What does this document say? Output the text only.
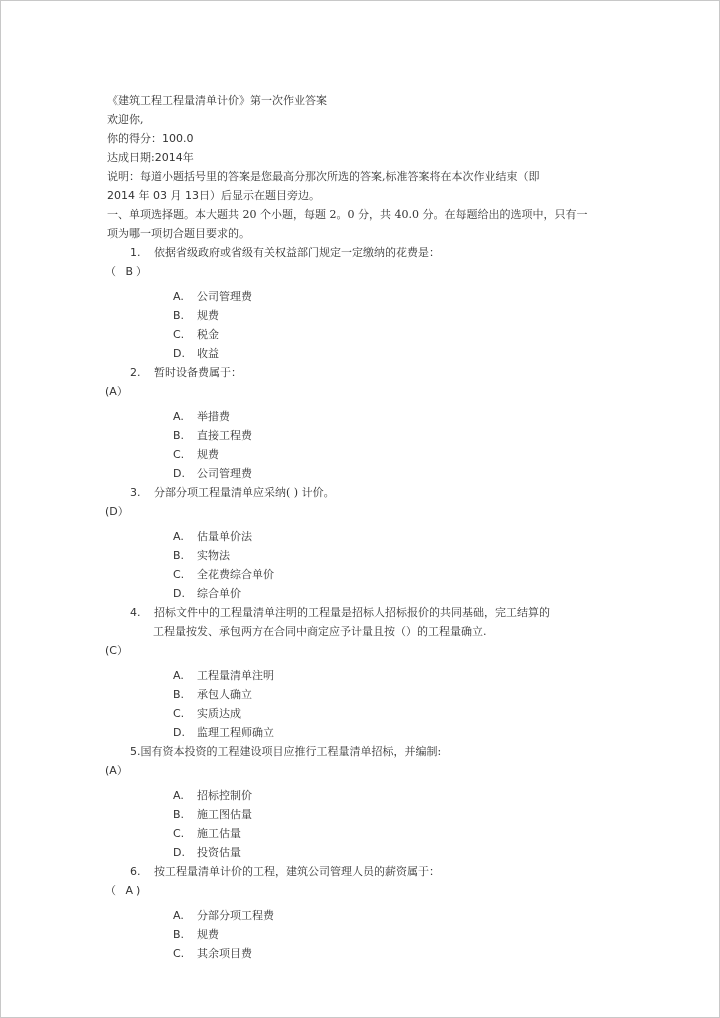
《建筑工程工程量清单计价》第一次作业答案
欢迎你,
你的得分：100.0
达成日期:2014年
说明：每道小题括号里的答案是您最高分那次所选的答案,标准答案将在本次作业结束（即
2014 年 03 月 13日）后显示在题目旁边。
一、单项选择题。本大题共 20 个小题，每题 2。0 分，共 40.0 分。在每题给出的选项中，只有一
项为哪一项切合题目要求的。
1. 依据省级政府或省级有关权益部门规定一定缴纳的花费是：
（ B）
A. 公司管理费
B. 规费
C. 税金
D. 收益
2. 暂时设备费属于：
(A）
A. 举措费
B. 直接工程费
C. 规费
D. 公司管理费
3. 分部分项工程量清单应采纳( ) 计价。
(D）
A. 估量单价法
B. 实物法
C. 全花费综合单价
D. 综合单价
4. 招标文件中的工程量清单注明的工程量是招标人招标报价的共同基础，完工结算的
工程量按发、承包两方在合同中商定应予计量且按（）的工程量确立.
(C）
A. 工程量清单注明
B. 承包人确立
C. 实质达成
D. 监理工程师确立
5.国有资本投资的工程建设项目应推行工程量清单招标，并编制:
(A）
A. 招标控制价
B. 施工图估量
C. 施工估量
D. 投资估量
6. 按工程量清单计价的工程，建筑公司管理人员的薪资属于：
（ A)
A. 分部分项工程费
B. 规费
C. 其余项目费
